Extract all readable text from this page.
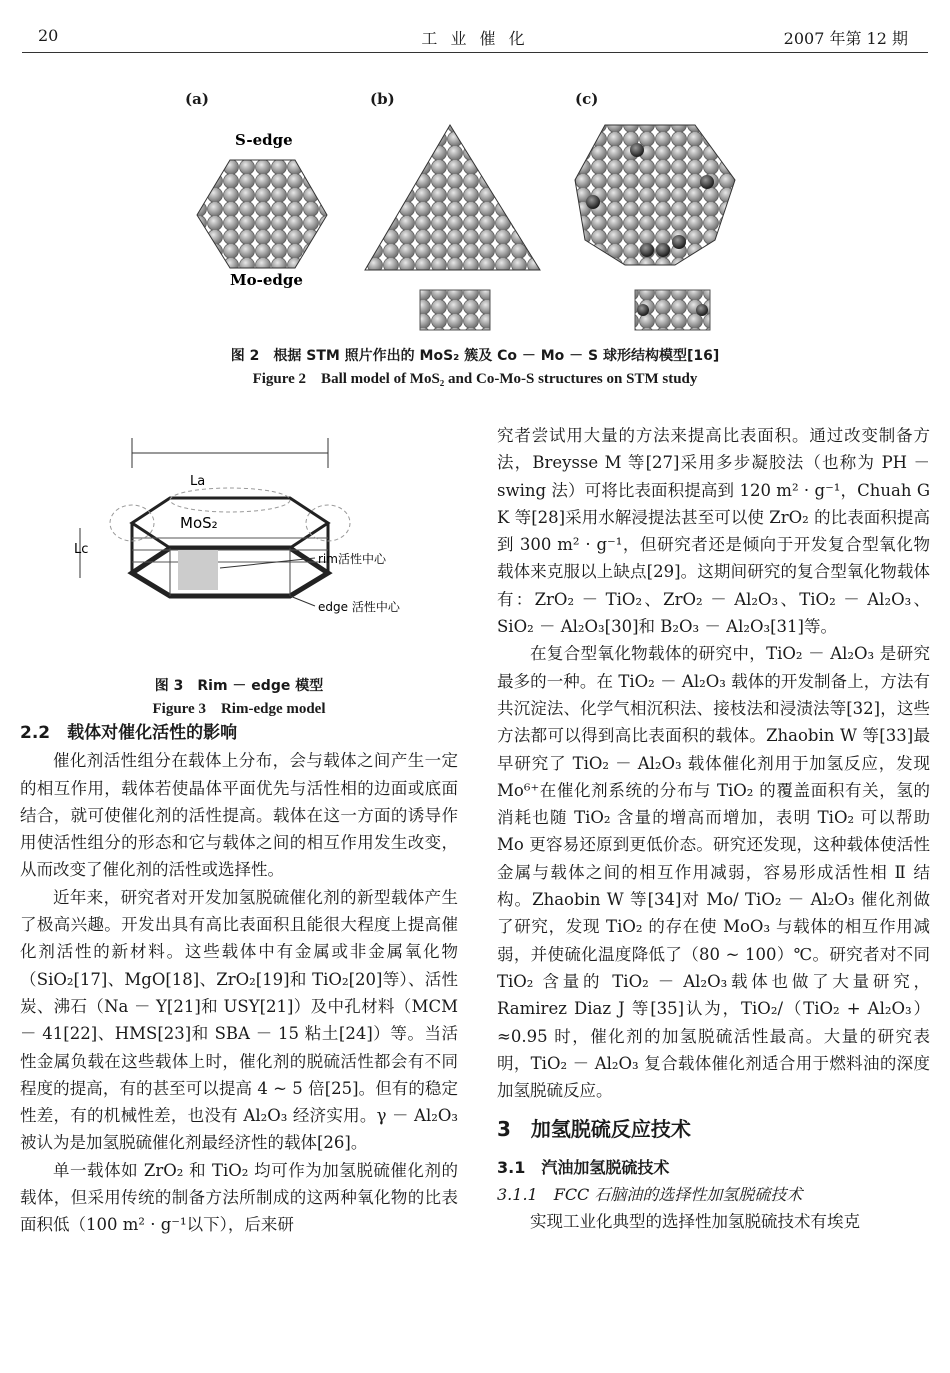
20	工 业 催 化	2007 年第 12 期
(a)	(b)	(c)
S-edge
Mo-edge
图 2　根据 STM 照片作出的 MoS₂ 簇及 Co － Mo － S 球形结构模型[16]
Figure 2　Ball model of MoS₂ and Co-Mo-S structures on STM study
La
MoS₂
Lc
rim活性中心
edge 活性中心
图 3　Rim － edge 模型
Figure 3　Rim-edge model

2.2　载体对催化活性的影响

催化剂活性组分在载体上分布，会与载体之间产生一定的相互作用，载体若使晶体平面优先与活性相的边面或底面结合，就可使催化剂的活性提高。载体在这一方面的诱导作用使活性组分的形态和它与载体之间的相互作用发生改变，从而改变了催化剂的活性或选择性。

近年来，研究者对开发加氢脱硫催化剂的新型载体产生了极高兴趣。开发出具有高比表面积且能很大程度上提高催化剂活性的新材料。这些载体中有金属或非金属氧化物（SiO₂[17]、MgO[18]、ZrO₂[19]和 TiO₂[20]等）、活性炭、沸石（Na － Y[21]和 USY[21]）及中孔材料（MCM － 41[22]、HMS[23]和 SBA － 15 粘土[24]）等。当活性金属负载在这些载体上时，催化剂的脱硫活性都会有不同程度的提高，有的甚至可以提高 4 ~ 5 倍[25]。但有的稳定性差，有的机械性差，也没有 Al₂O₃ 经济实用。γ － Al₂O₃ 被认为是加氢脱硫催化剂最经济性的载体[26]。

单一载体如 ZrO₂ 和 TiO₂ 均可作为加氢脱硫催化剂的载体，但采用传统的制备方法所制成的这两种氧化物的比表面积低（100 m² · g⁻¹以下），后来研

究者尝试用大量的方法来提高比表面积。通过改变制备方法，Breysse M 等[27]采用多步凝胶法（也称为 PH － swing 法）可将比表面积提高到 120 m² · g⁻¹，Chuah G K 等[28]采用水解浸提法甚至可以使 ZrO₂ 的比表面积提高到 300 m² · g⁻¹，但研究者还是倾向于开发复合型氧化物载体来克服以上缺点[29]。这期间研究的复合型氧化物载体有：ZrO₂ － TiO₂、ZrO₂ － Al₂O₃、TiO₂ － Al₂O₃、SiO₂ － Al₂O₃[30]和 B₂O₃ － Al₂O₃[31]等。

在复合型氧化物载体的研究中，TiO₂ － Al₂O₃ 是研究最多的一种。在 TiO₂ － Al₂O₃ 载体的开发制备上，方法有共沉淀法、化学气相沉积法、接枝法和浸渍法等[32]，这些方法都可以得到高比表面积的载体。Zhaobin W 等[33]最早研究了 TiO₂ － Al₂O₃ 载体催化剂用于加氢反应，发现 Mo⁶⁺在催化剂系统的分布与 TiO₂ 的覆盖面积有关，氢的消耗也随 TiO₂ 含量的增高而增加，表明 TiO₂ 可以帮助 Mo 更容易还原到更低价态。研究还发现，这种载体使活性金属与载体之间的相互作用减弱，容易形成活性相 Ⅱ 结构。Zhaobin W 等[34]对 Mo/ TiO₂ － Al₂O₃ 催化剂做了研究，发现 TiO₂ 的存在使 MoO₃ 与载体的相互作用减弱，并使硫化温度降低了（80 ~ 100）℃。研究者对不同 TiO₂ 含量的 TiO₂ － Al₂O₃载体也做了大量研究，Ramirez Diaz J 等[35]认为，TiO₂/（TiO₂ + Al₂O₃）≈0.95 时，催化剂的加氢脱硫活性最高。大量的研究表明，TiO₂ － Al₂O₃ 复合载体催化剂适合用于燃料油的深度加氢脱硫反应。

3　加氢脱硫反应技术

3.1　汽油加氢脱硫技术

3.1.1　FCC 石脑油的选择性加氢脱硫技术

实现工业化典型的选择性加氢脱硫技术有埃克
